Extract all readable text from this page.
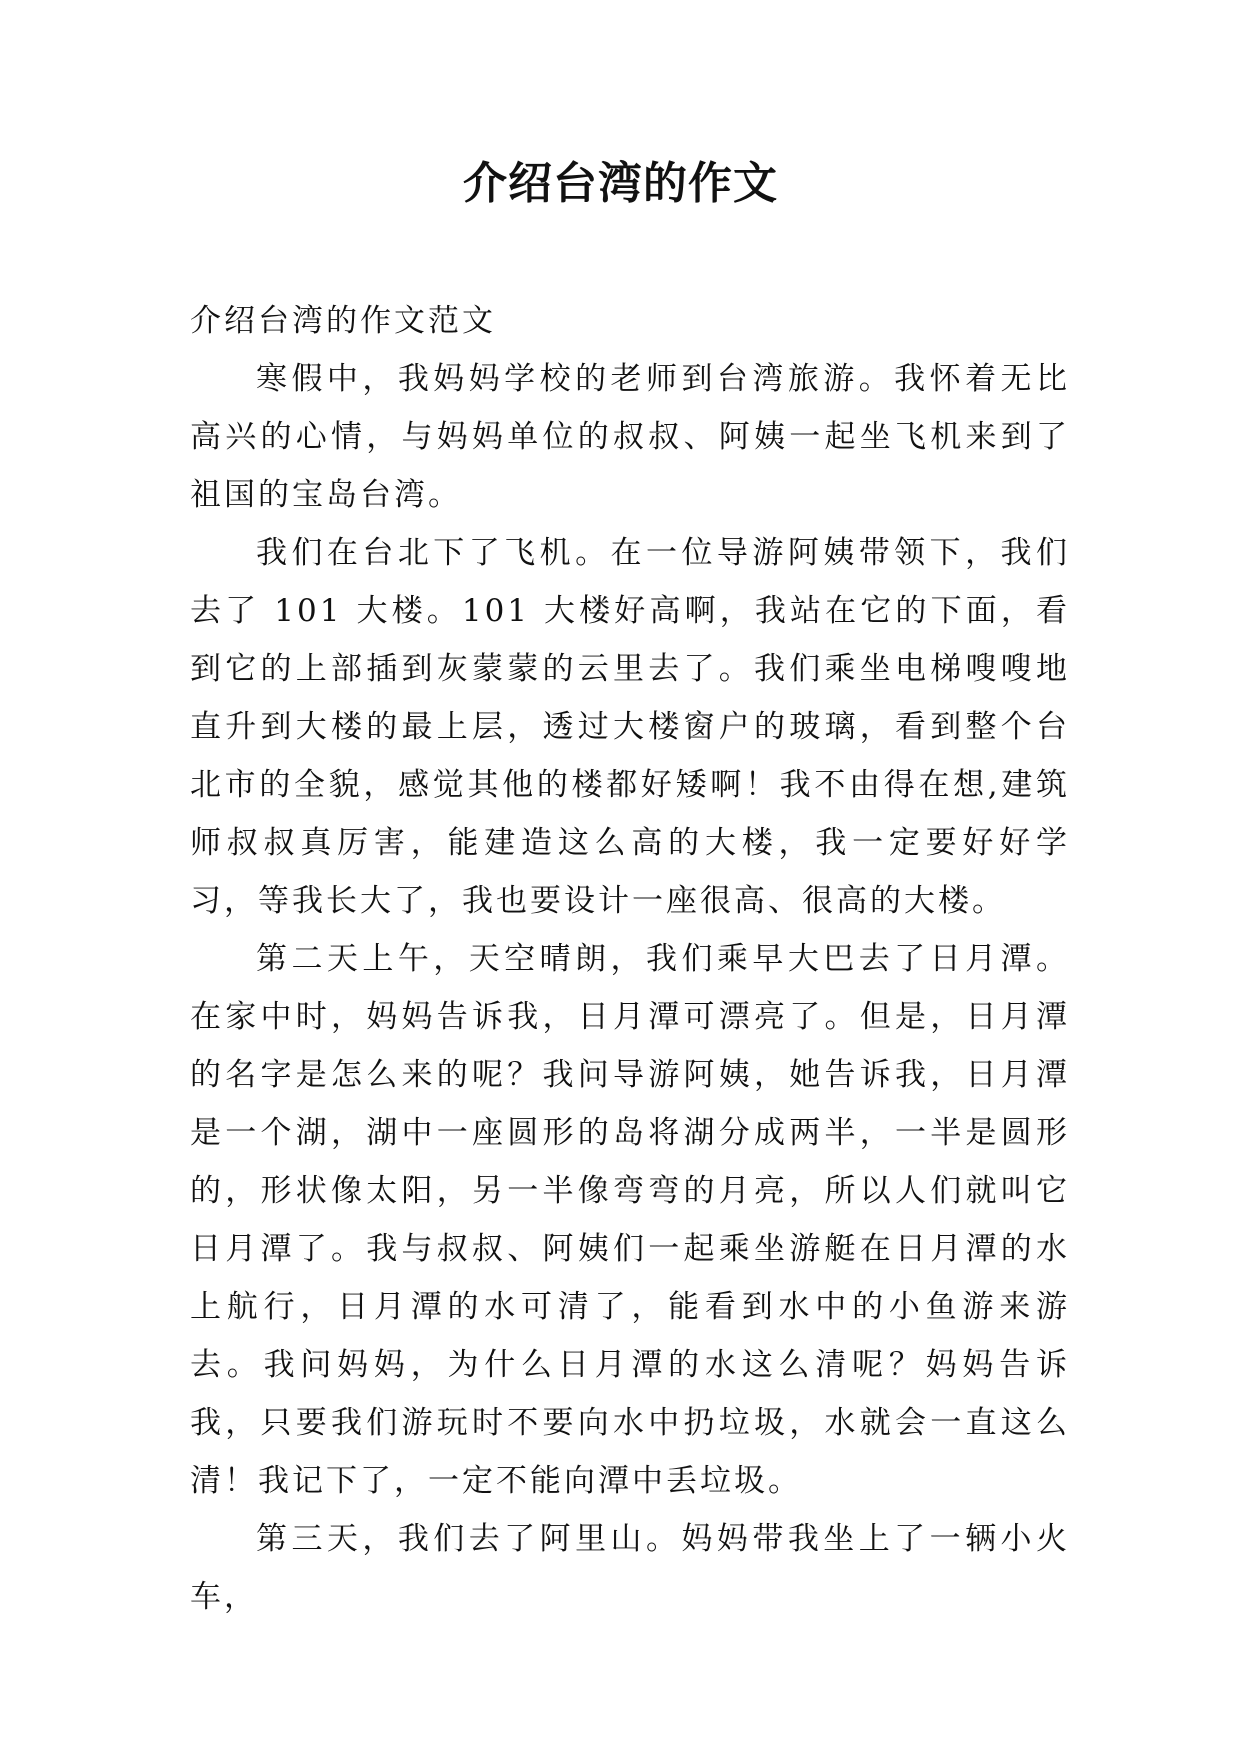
介绍台湾的作文

介绍台湾的作文范文

寒假中，我妈妈学校的老师到台湾旅游。我怀着无比高兴的心情，与妈妈单位的叔叔、阿姨一起坐飞机来到了祖国的宝岛台湾。

我们在台北下了飞机。在一位导游阿姨带领下，我们去了 101 大楼。101 大楼好高啊，我站在它的下面，看到它的上部插到灰蒙蒙的云里去了。我们乘坐电梯嗖嗖地直升到大楼的最上层，透过大楼窗户的玻璃，看到整个台北市的全貌，感觉其他的楼都好矮啊！我不由得在想,建筑师叔叔真厉害，能建造这么高的大楼，我一定要好好学习，等我长大了，我也要设计一座很高、很高的大楼。

第二天上午，天空晴朗，我们乘早大巴去了日月潭。在家中时，妈妈告诉我，日月潭可漂亮了。但是，日月潭的名字是怎么来的呢？我问导游阿姨，她告诉我，日月潭是一个湖，湖中一座圆形的岛将湖分成两半，一半是圆形的，形状像太阳，另一半像弯弯的月亮，所以人们就叫它日月潭了。我与叔叔、阿姨们一起乘坐游艇在日月潭的水上航行，日月潭的水可清了，能看到水中的小鱼游来游去。我问妈妈，为什么日月潭的水这么清呢？妈妈告诉我，只要我们游玩时不要向水中扔垃圾，水就会一直这么清！我记下了，一定不能向潭中丢垃圾。

第三天，我们去了阿里山。妈妈带我坐上了一辆小火车，
